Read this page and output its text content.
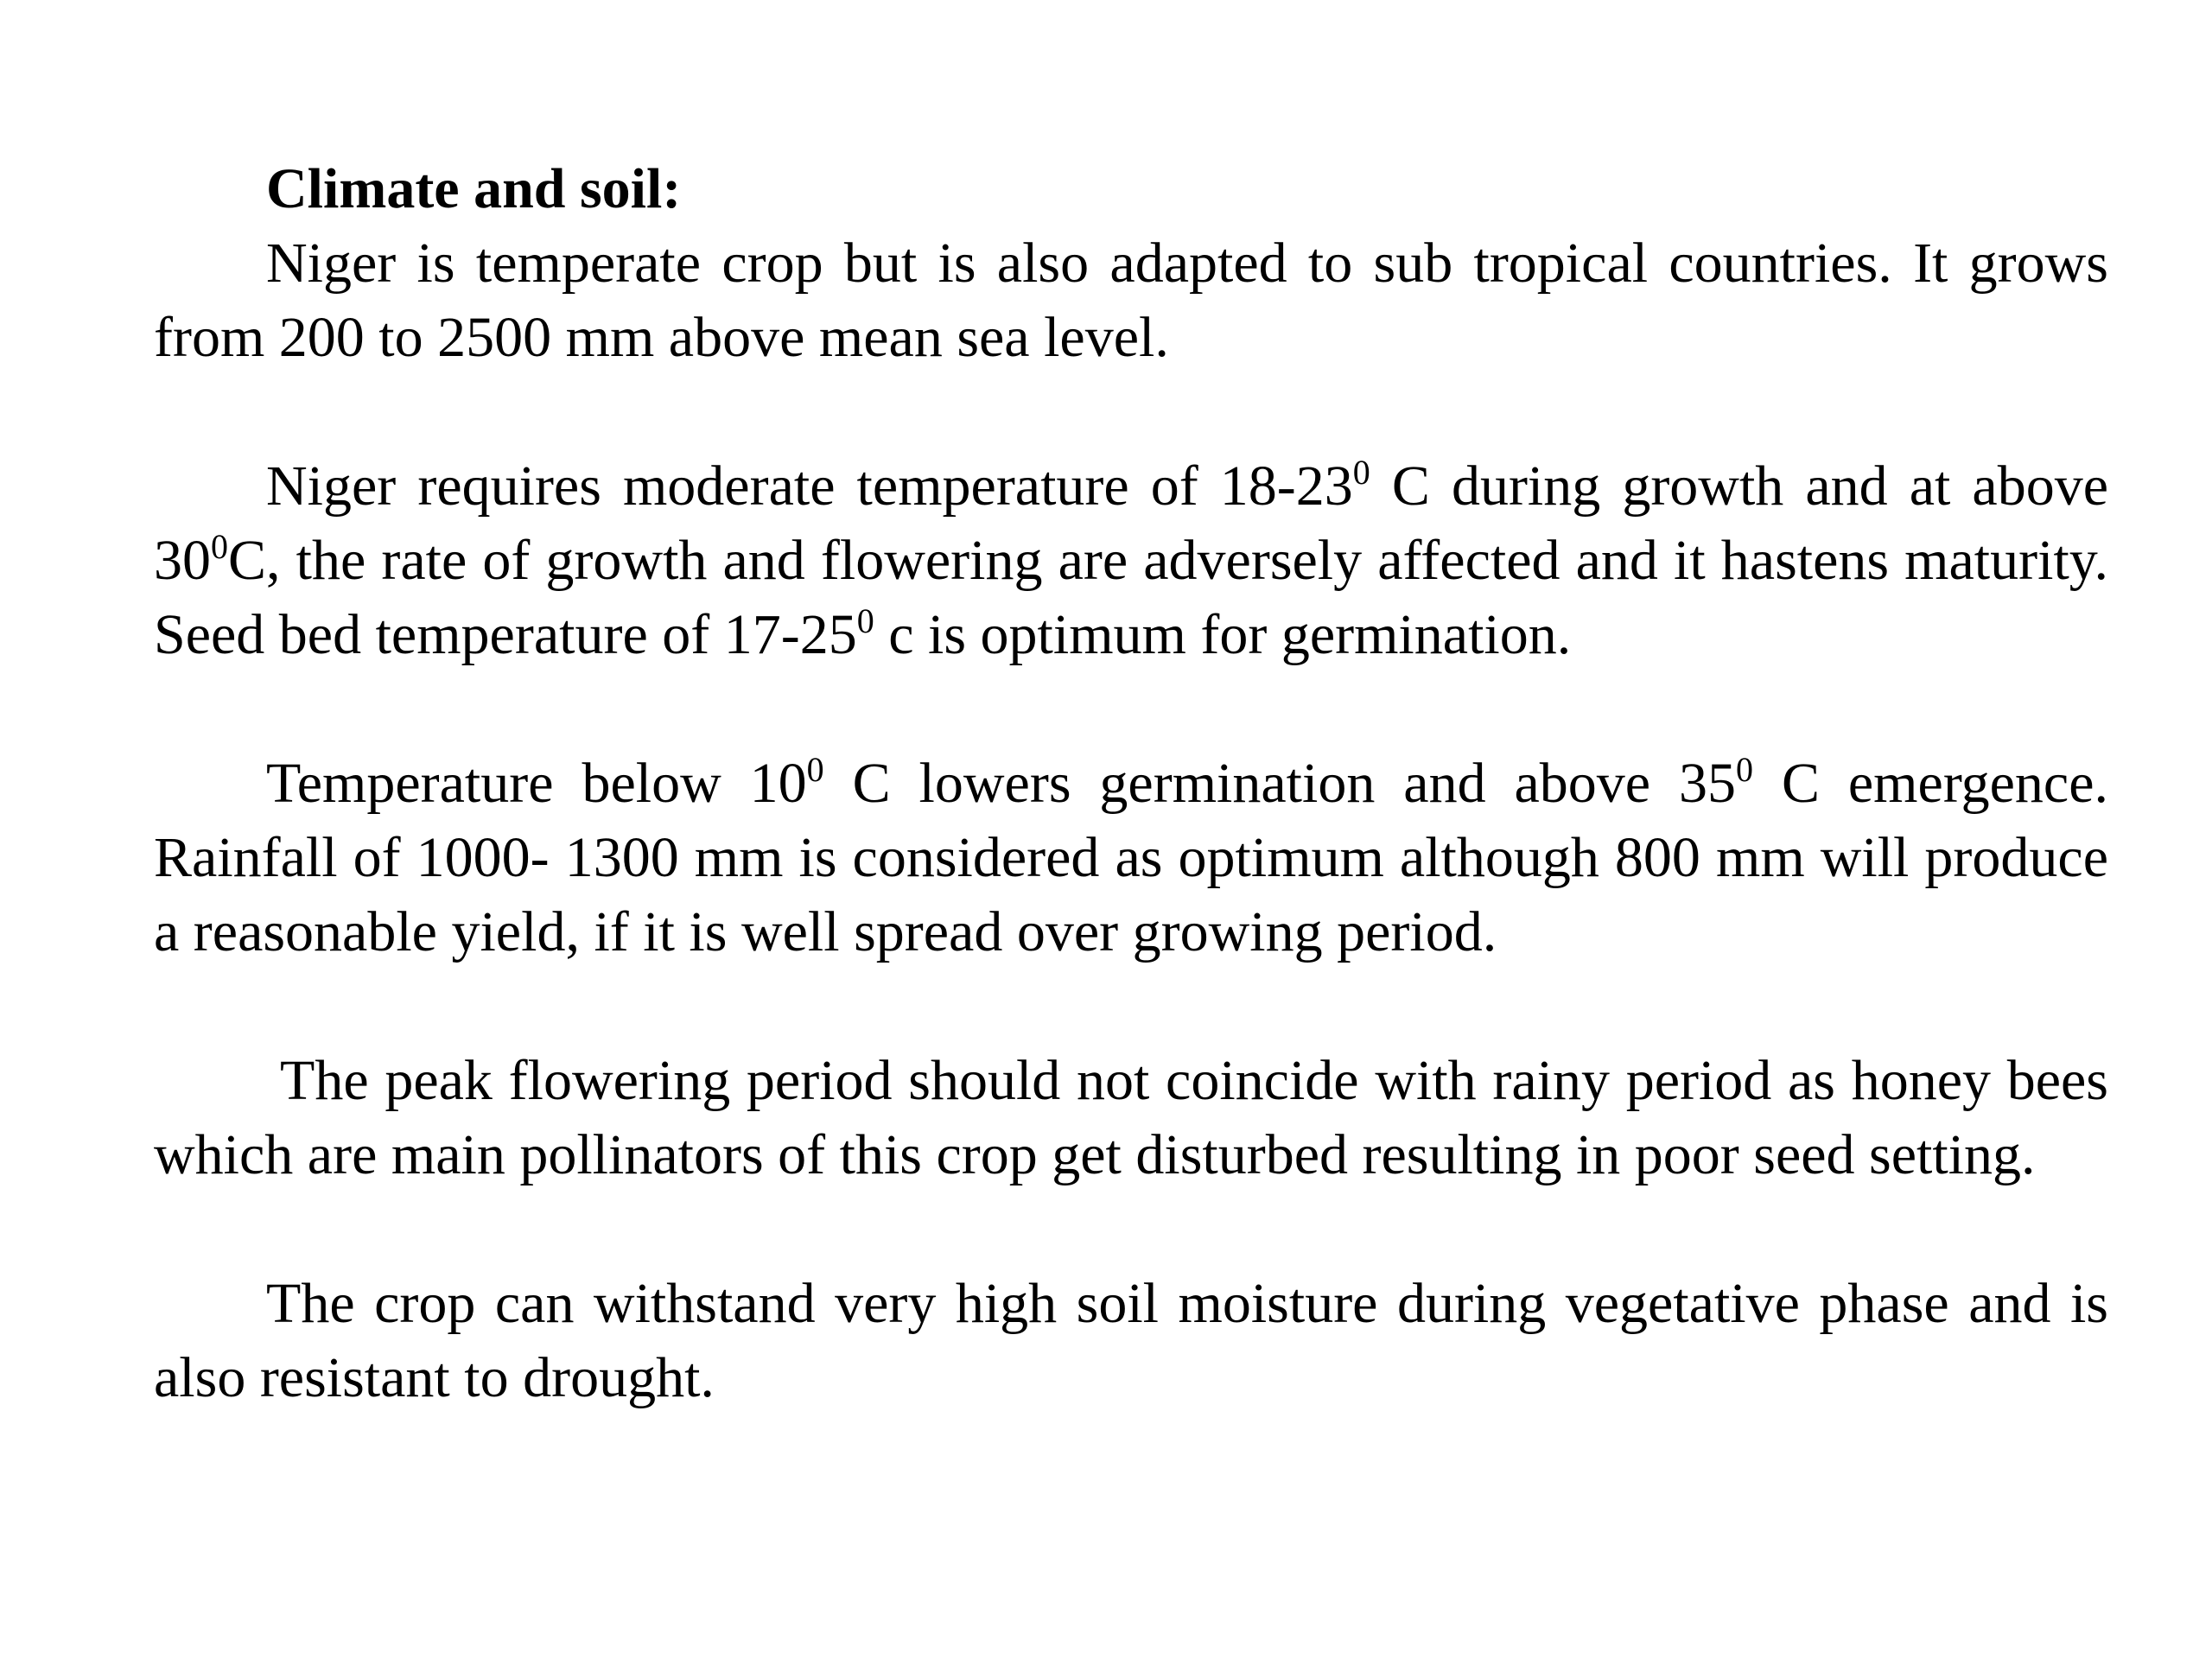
Climate and soil:

Niger is temperate crop but is also adapted to sub tropical countries. It grows from 200 to 2500 mm above mean sea level.

Niger requires moderate temperature of $18-23^0$ C during growth and at above $30^0C$, the rate of growth and flowering are adversely affected and it hastens maturity. Seed bed temperature of $17-25^0$ c is optimum for germination.

Temperature below $10^0$ C lowers germination and above $35^0$ C emergence. Rainfall of 1000- 1300 mm is considered as optimum although 800 mm will produce a reasonable yield, if it is well spread over growing period.

The peak flowering period should not coincide with rainy period as honey bees which are main pollinators of this crop get disturbed resulting in poor seed setting.

The crop can withstand very high soil moisture during vegetative phase and is also resistant to drought.
